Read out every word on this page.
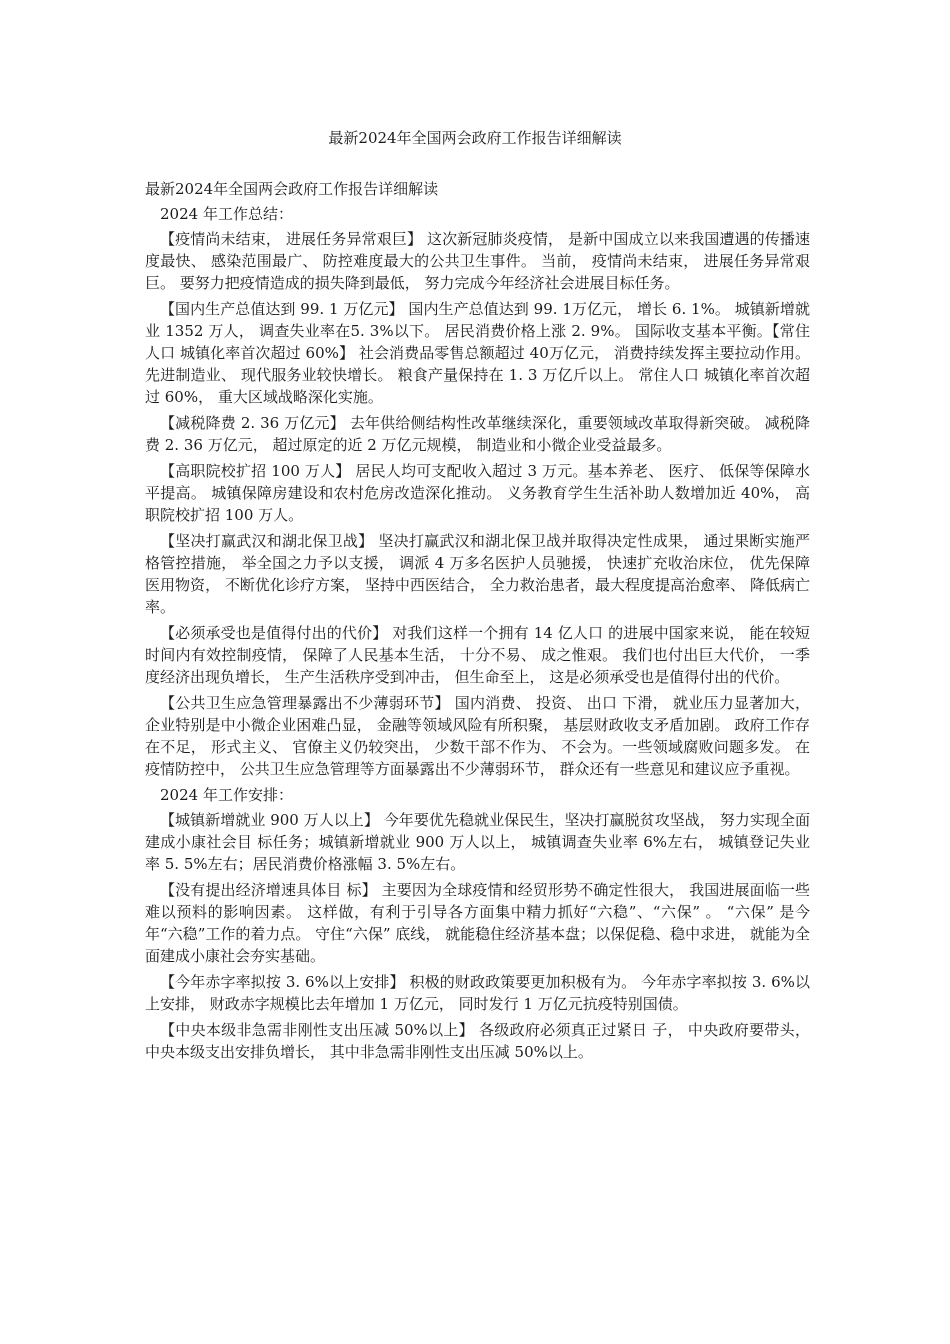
最新2024年全国两会政府工作报告详细解读

最新2024年全国两会政府工作报告详细解读

2024 年工作总结：

【疫情尚未结束， 进展任务异常艰巨】 这次新冠肺炎疫情， 是新中国成立以来我国遭遇的传播速度最快、 感染范围最广、 防控难度最大的公共卫生事件。 当前， 疫情尚未结束， 进展任务异常艰巨。 要努力把疫情造成的损失降到最低， 努力完成今年经济社会进展目标任务。

【国内生产总值达到 99. 1 万亿元】 国内生产总值达到 99. 1万亿元， 增长 6. 1%。 城镇新增就业 1352 万人， 调查失业率在5. 3%以下。 居民消费价格上涨 2. 9%。 国际收支基本平衡。【常住人口 城镇化率首次超过 60%】 社会消费品零售总额超过 40万亿元， 消费持续发挥主要拉动作用。 先进制造业、 现代服务业较快增长。 粮食产量保持在 1. 3 万亿斤以上。 常住人口 城镇化率首次超过 60%， 重大区域战略深化实施。

【减税降费 2. 36 万亿元】 去年供给侧结构性改革继续深化，重要领域改革取得新突破。 减税降费 2. 36 万亿元， 超过原定的近 2 万亿元规模， 制造业和小微企业受益最多。

【高职院校扩招 100 万人】 居民人均可支配收入超过 3 万元。基本养老、 医疗、 低保等保障水平提高。 城镇保障房建设和农村危房改造深化推动。 义务教育学生生活补助人数增加近 40%， 高职院校扩招 100 万人。

【坚决打赢武汉和湖北保卫战】 坚决打赢武汉和湖北保卫战并取得决定性成果， 通过果断实施严格管控措施， 举全国之力予以支援， 调派 4 万多名医护人员驰援， 快速扩充收治床位， 优先保障医用物资， 不断优化诊疗方案， 坚持中西医结合， 全力救治患者，最大程度提高治愈率、 降低病亡率。

【必须承受也是值得付出的代价】 对我们这样一个拥有 14 亿人口 的进展中国家来说， 能在较短时间内有效控制疫情， 保障了人民基本生活， 十分不易、 成之惟艰。 我们也付出巨大代价， 一季度经济出现负增长， 生产生活秩序受到冲击， 但生命至上， 这是必须承受也是值得付出的代价。

【公共卫生应急管理暴露出不少薄弱环节】 国内消费、 投资、 出口 下滑， 就业压力显著加大， 企业特别是中小微企业困难凸显， 金融等领域风险有所积聚， 基层财政收支矛盾加剧。 政府工作存在不足， 形式主义、 官僚主义仍较突出， 少数干部不作为、 不会为。一些领域腐败问题多发。 在疫情防控中， 公共卫生应急管理等方面暴露出不少薄弱环节， 群众还有一些意见和建议应予重视。

2024 年工作安排：

【城镇新增就业 900 万人以上】 今年要优先稳就业保民生，坚决打赢脱贫攻坚战， 努力实现全面建成小康社会目 标任务；城镇新增就业 900 万人以上， 城镇调查失业率 6%左右， 城镇登记失业率 5. 5%左右；居民消费价格涨幅 3. 5%左右。

【没有提出经济增速具体目 标】 主要因为全球疫情和经贸形势不确定性很大， 我国进展面临一些难以预料的影响因素。 这样做，有利于引导各方面集中精力抓好“六稳”、“六保” 。 “六保” 是今年“六稳”工作的着力点。 守住“六保” 底线， 就能稳住经济基本盘；以保促稳、稳中求进， 就能为全面建成小康社会夯实基础。

【今年赤字率拟按 3. 6%以上安排】 积极的财政政策要更加积极有为。 今年赤字率拟按 3. 6%以上安排， 财政赤字规模比去年增加 1 万亿元， 同时发行 1 万亿元抗疫特别国债。

【中央本级非急需非刚性支出压减 50%以上】 各级政府必须真正过紧日 子， 中央政府要带头， 中央本级支出安排负增长， 其中非急需非刚性支出压减 50%以上。
